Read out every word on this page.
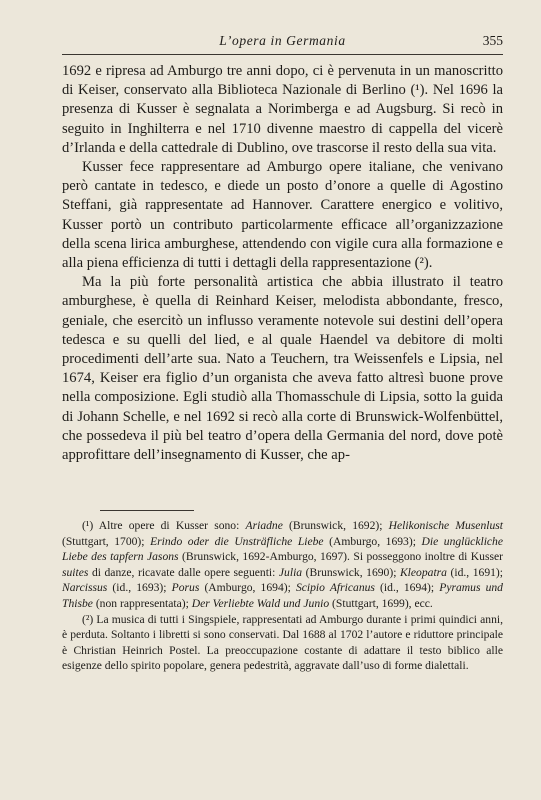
L’opera in Germania	355

1692 e ripresa ad Amburgo tre anni dopo, ci è pervenuta in un manoscritto di Keiser, conservato alla Biblioteca Nazionale di Berlino (¹). Nel 1696 la presenza di Kusser è segnalata a Norimberga e ad Augsburg. Si recò in seguito in Inghilterra e nel 1710 divenne maestro di cappella del vicerè d’Irlanda e della cattedrale di Dublino, ove trascorse il resto della sua vita.

Kusser fece rappresentare ad Amburgo opere italiane, che venivano però cantate in tedesco, e diede un posto d’onore a quelle di Agostino Steffani, già rappresentate ad Hannover. Carattere energico e volitivo, Kusser portò un contributo particolarmente efficace all’organizzazione della scena lirica amburghese, attendendo con vigile cura alla formazione e alla piena efficienza di tutti i dettagli della rappresentazione (²).

Ma la più forte personalità artistica che abbia illustrato il teatro amburghese, è quella di Reinhard Keiser, melodista abbondante, fresco, geniale, che esercitò un influsso veramente notevole sui destini dell’opera tedesca e su quelli del lied, e al quale Haendel va debitore di molti procedimenti dell’arte sua. Nato a Teuchern, tra Weissenfels e Lipsia, nel 1674, Keiser era figlio d’un organista che aveva fatto altresì buone prove nella composizione. Egli studiò alla Thomasschule di Lipsia, sotto la guida di Johann Schelle, e nel 1692 si recò alla corte di Brunswick-Wolfenbüttel, che possedeva il più bel teatro d’opera della Germania del nord, dove potè approfittare dell’insegnamento di Kusser, che ap-

(¹) Altre opere di Kusser sono: Ariadne (Brunswick, 1692); Helikonische Musenlust (Stuttgart, 1700); Erindo oder die Unsträfliche Liebe (Amburgo, 1693); Die unglückliche Liebe des tapfern Jasons (Brunswick, 1692-Amburgo, 1697). Si posseggono inoltre di Kusser suites di danze, ricavate dalle opere seguenti: Julia (Brunswick, 1690); Kleopatra (id., 1691); Narcissus (id., 1693); Porus (Amburgo, 1694); Scipio Africanus (id., 1694); Pyramus und Thisbe (non rappresentata); Der Verliebte Wald und Junio (Stuttgart, 1699), ecc.

(²) La musica di tutti i Singspiele, rappresentati ad Amburgo durante i primi quindici anni, è perduta. Soltanto i libretti si sono conservati. Dal 1688 al 1702 l’autore e riduttore principale è Christian Heinrich Postel. La preoccupazione costante di adattare il testo biblico alle esigenze dello spirito popolare, genera pedestrità, aggravate dall’uso di forme dialettali.
